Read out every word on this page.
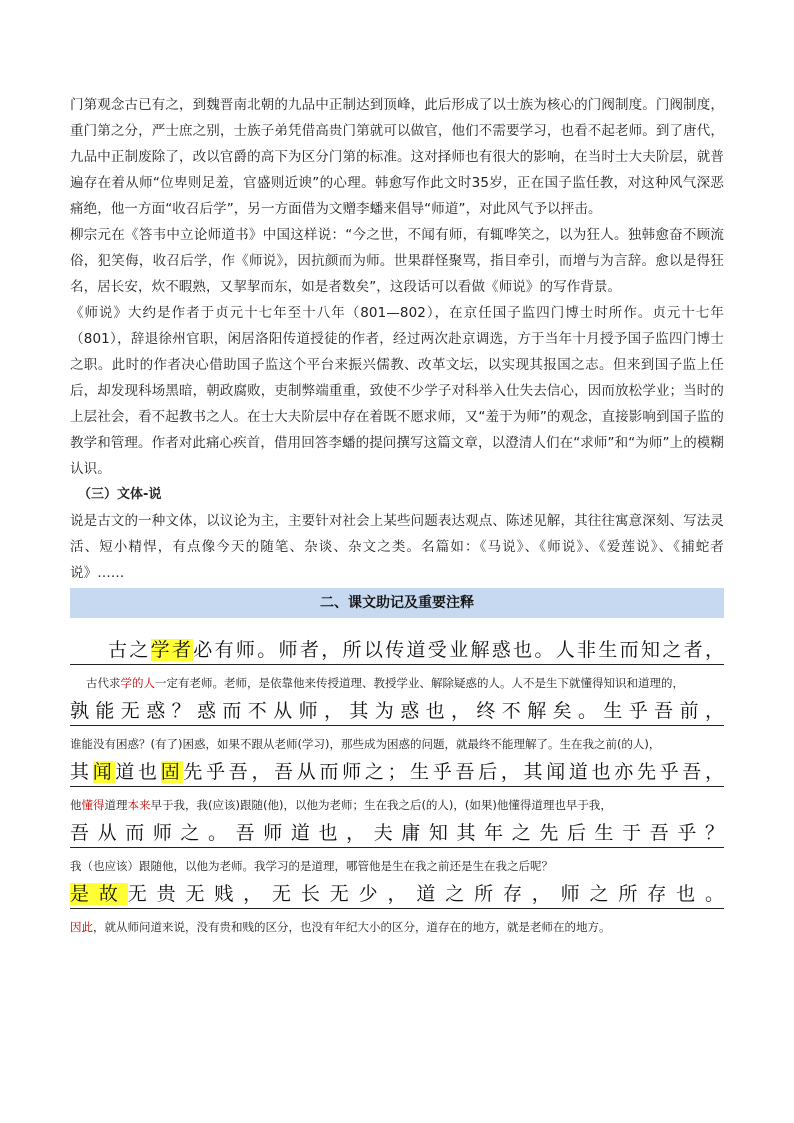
门第观念古已有之，到魏晋南北朝的九品中正制达到顶峰，此后形成了以士族为核心的门阀制度。门阀制度，重门第之分，严士庶之别，士族子弟凭借高贵门第就可以做官，他们不需要学习，也看不起老师。到了唐代，九品中正制废除了，改以官爵的高下为区分门第的标准。这对择师也有很大的影响，在当时士大夫阶层，就普遍存在着从师“位卑则足羞，官盛则近谀”的心理。韩愈写作此文时35岁，正在国子监任教，对这种风气深恶痛绝，他一方面“收召后学”，另一方面借为文赠李蟠来倡导“师道”，对此风气予以抨击。

柳宗元在《答韦中立论师道书》中国这样说：“今之世，不闻有师，有辄哗笑之，以为狂人。独韩愈奋不顾流俗，犯笑侮，收召后学，作《师说》，因抗颜而为师。世果群怪聚骂，指目牵引，而增与为言辞。愈以是得狂名，居长安，炊不暇熟，又挈挈而东，如是者数矣”，这段话可以看做《师说》的写作背景。

《师说》大约是作者于贞元十七年至十八年（801—802），在京任国子监四门博士时所作。贞元十七年（801），辞退徐州官职，闲居洛阳传道授徒的作者，经过两次赴京调选，方于当年十月授予国子监四门博士之职。此时的作者决心借助国子监这个平台来振兴儒教、改革文坛，以实现其报国之志。但来到国子监上任后，却发现科场黑暗，朝政腐败，吏制弊端重重，致使不少学子对科举入仕失去信心，因而放松学业；当时的上层社会，看不起教书之人。在士大夫阶层中存在着既不愿求师，又“羞于为师”的观念，直接影响到国子监的教学和管理。作者对此痛心疾首，借用回答李蟠的提问撰写这篇文章，以澄清人们在“求师”和“为师”上的模糊认识。

（三）文体-说

说是古文的一种文体，以议论为主，主要针对社会上某些问题表达观点、陈述见解，其往往寓意深刻、写法灵活、短小精悍，有点像今天的随笔、杂谈、杂文之类。名篇如：《马说》、《师说》、《爱莲说》、《捕蛇者说》……

二、课文助记及重要注释

古之学者必有师。师者，所以传道受业解惑也。人非生而知之者，

古代求学的人一定有老师。老师，是依靠他来传授道理、教授学业、解除疑惑的人。人不是生下就懂得知识和道理的，

孰能无惑？惑而不从师，其为惑也，终不解矣。生乎吾前，

谁能没有困惑？(有了)困惑，如果不跟从老师(学习)，那些成为困惑的问题，就最终不能理解了。生在我之前(的人)，

其闻道也固先乎吾，吾从而师之；生乎吾后，其闻道也亦先乎吾，

他懂得道理本来早于我，我(应该)跟随(他)，以他为老师；生在我之后(的人)，(如果)他懂得道理也早于我，

吾从而师之。吾师道也，夫庸知其年之先后生于吾乎？

我（也应该）跟随他，以他为老师。我学习的是道理，哪管他是生在我之前还是生在我之后呢？

是故无贵无贱，无长无少，道之所存，师之所存也。

因此，就从师问道来说，没有贵和贱的区分，也没有年纪大小的区分，道存在的地方，就是老师在的地方。
